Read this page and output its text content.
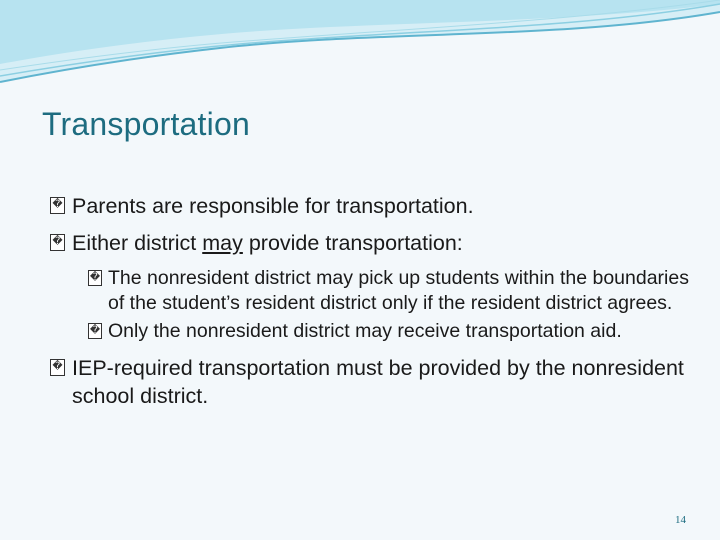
Transportation
� Parents are responsible for transportation.
� Either district may provide transportation:
� The nonresident district may pick up students within the boundaries of the student’s resident district only if the resident district agrees.
� Only the nonresident district may receive transportation aid.
� IEP-required transportation must be provided by the nonresident school district.
14
